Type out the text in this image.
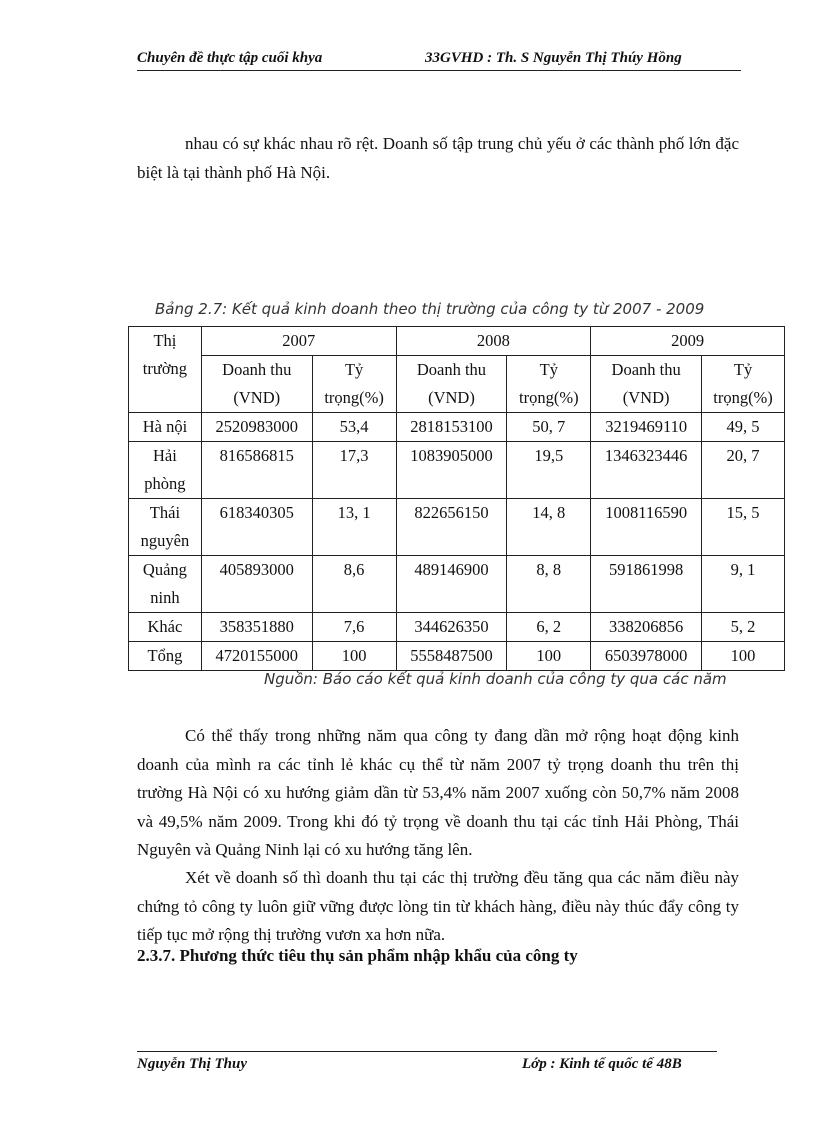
Chuyên đề thực tập cuối khya	33GVHD : Th. S Nguyễn Thị Thúy Hồng

nhau có sự khác nhau rõ rệt. Doanh số tập trung chủ yếu ở các thành phố lớn đặc biệt là tại thành phố Hà Nội.

Bảng 2.7: Kết quả kinh doanh theo thị trường của công ty từ 2007 - 2009

Thị
trường	2007		2008		2009	
	Doanh thu	Tỷ	Doanh thu	Tỷ	Doanh thu	Tỷ
	(VND)	trọng(%)	(VND)	trọng(%)	(VND)	trọng(%)
Hà nội	2520983000	53,4	2818153100	50, 7	3219469110	49, 5
Hải
phòng	816586815	17,3	1083905000	19,5	1346323446	20, 7
Thái
nguyên	618340305	13, 1	822656150	14, 8	1008116590	15, 5
Quảng
ninh	405893000	8,6	489146900	8, 8	591861998	9, 1
Khác	358351880	7,6	344626350	6, 2	338206856	5, 2
Tổng	4720155000	100	5558487500	100	6503978000	100

Nguồn: Báo cáo kết quả kinh doanh của công ty qua các năm

Có thể thấy trong những năm qua công ty đang dần mở rộng hoạt động kinh doanh của mình ra các tỉnh lẻ khác cụ thể từ năm 2007 tỷ trọng doanh thu trên thị trường Hà Nội có xu hướng giảm dần từ 53,4% năm 2007 xuống còn 50,7% năm 2008 và 49,5% năm 2009. Trong khi đó tỷ trọng về doanh thu tại các tỉnh Hải Phòng, Thái Nguyên và Quảng Ninh lại có xu hướng tăng lên.

Xét về doanh số thì doanh thu tại các thị trường đều tăng qua các năm điều này chứng tỏ công ty luôn giữ vững được lòng tin từ khách hàng, điều này thúc đẩy công ty tiếp tục mở rộng thị trường vươn xa hơn nữa.

2.3.7. Phương thức tiêu thụ sản phẩm nhập khẩu của công ty

Nguyễn Thị Thuy	Lớp : Kinh tế quốc tế 48B
